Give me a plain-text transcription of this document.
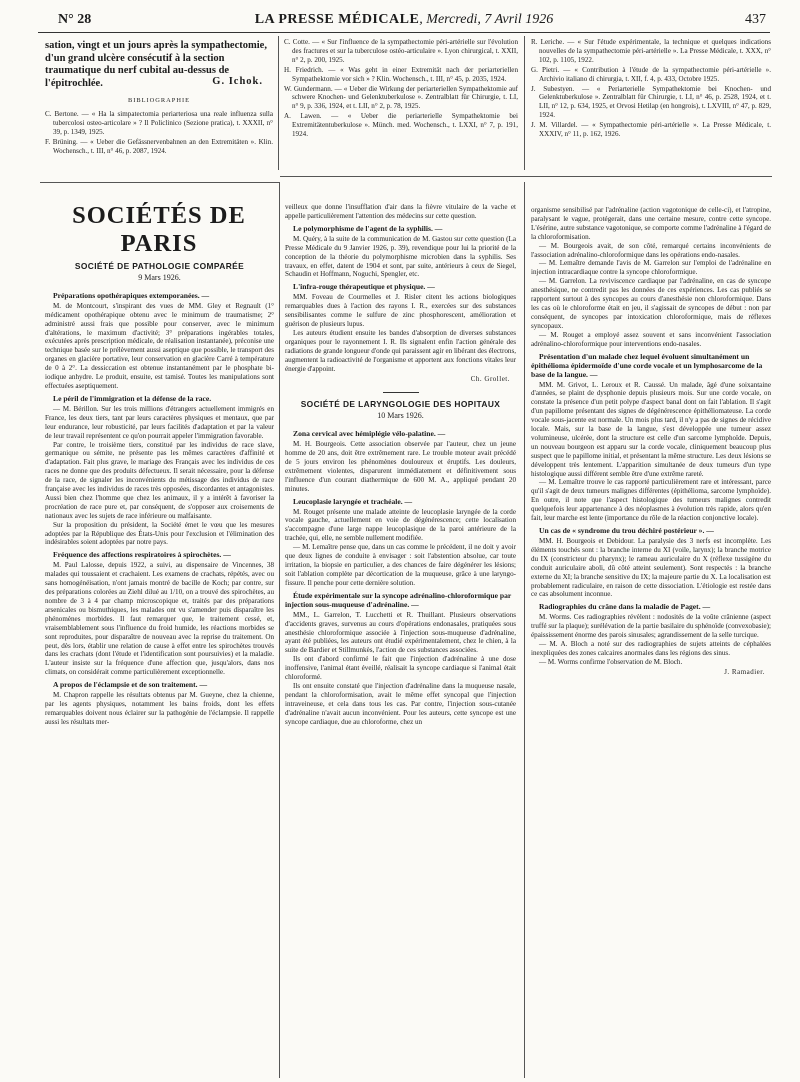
N° 28	LA PRESSE MÉDICALE, Mercredi, 7 Avril 1926	437

sation, vingt et un jours après la sympathectomie, d'un grand ulcère consécutif à la section traumatique du nerf cubital au-dessus de l'épitrochlée.	G. Ichok.
BIBLIOGRAPHIE

C. Bertone. — « Ha la simpatectomia periarteriosa una reale influenza sulla tubercolosi osteo-articolare » ? Il Policlinico (Sezione pratica), t. XXXII, n° 39, p. 1349, 1925.

F. Brüning. — « Ueber die Gefässnervenbahnen an den Extremitäten ». Klin. Wochensch., t. III, n° 46, p. 2087, 1924.

C. Cotte. — « Sur l'influence de la sympathectomie péri-artérielle sur l'évolution des fractures et sur la tuberculose ostéo-articulaire ». Lyon chirurgical, t. XXII, n° 2, p. 200, 1925.

H. Friedrich. — « Was geht in einer Extremität nach der periarteriellen Sympathektomie vor sich » ? Klin. Wochensch., t. III, n° 45, p. 2035, 1924.

W. Gundermann. — « Ueber die Wirkung der periarteriellen Sympathektomie auf schwere Knochen- und Gelenktuberkulose ». Zentralblatt für Chirurgie, t. LI, n° 9, p. 336, 1924, et t. LII, n° 2, p. 78, 1925.

A. Lawen. — « Ueber die periarterielle Sympathektomie bei Extremitätentuberkulose ». Münch. med. Wochensch., t. LXXI, n° 7, p. 191, 1924.

R. Leriche. — « Sur l'étude expérimentale, la technique et quelques indications nouvelles de la sympathectomie péri-artérielle ». La Presse Médicale, t. XXX, n° 102, p. 1105, 1922.

G. Pietri. — « Contribution à l'étude de la sympathectomie péri-artérielle ». Archivio italiano di chirurgia, t. XII, f. 4, p. 433, Octobre 1925.

J. Subestyen. — « Periarterielle Sympathektomie bei Knochen- und Gelenktuberkulose ». Zentralblatt für Chirurgie, t. LI, n° 46, p. 2528, 1924, et t. LII, n° 12, p. 634, 1925, et Orvosi Hetilap (en hongrois), t. LXVIII, n° 47, p. 829, 1924.

J. M. Villardel. — « Sympathectomie péri-artérielle ». La Presse Médicale, t. XXXIV, n° 11, p. 162, 1926.

SOCIÉTÉS DE PARIS
SOCIÉTÉ DE PATHOLOGIE COMPARÉE
9 Mars 1926.
Préparations opothérapiques extemporanées. —

M. de Montcourt, s'inspirant des vues de MM. Gley et Regnault (1° médicament opothérapique obtenu avec le minimum de traumatisme; 2° administré aussi frais que possible pour conserver, avec le minimum d'altérations, le maximum d'activité; 3° préparations ingérables totales, exécutées après prescription médicale, de réalisation instantanée), préconise une technique basée sur le prélèvement aussi aseptique que possible, le transport des organes en glacière portative, leur conservation en glacière Carré à température de 0 à 2°. La dessiccation est obtenue instantanément par le phosphate bi-iodique anhydre. Le produit, ensuite, est tamisé. Toutes les manipulations sont effectuées aseptiquement.

Le péril de l'immigration et la défense de la race.

— M. Bérillon. Sur les trois millions d'étrangers actuellement immigrés en France, les deux tiers, tant par leurs caractères physiques et mentaux, que par leur endurance, leur robusticité, par leurs facilités d'adaptation et par la valeur de leur travail représentent ce qu'on pourrait appeler l'immigration favorable.

Par contre, le troisième tiers, constitué par les individus de race slave, germanique ou sémite, ne présente pas les mêmes caractères d'affinité et d'adaptation. Fait plus grave, le mariage des Français avec les individus de ces races ne donne que des produits défectueux. Il serait nécessaire, pour la défense de la race, de signaler les inconvénients du métissage des individus de race française avec les individus de races très opposées, discordantes et antagonistes. Aussi bien chez l'homme que chez les animaux, il y a intérêt à favoriser la procréation de race pure et, par conséquent, de s'opposer aux croisements de nationaux avec les sujets de race inférieure ou malfaisante.

Sur la proposition du président, la Société émet le vœu que les mesures adoptées par la République des États-Unis pour l'exclusion et l'élimination des indésirables soient adoptées par notre pays.

Fréquence des affections respiratoires à spirochètes. —

M. Paul Lalosse, depuis 1922, a suivi, au dispensaire de Vincennes, 38 malades qui toussaient et crachaient. Les examens de crachats, répétés, avec ou sans homogénéisation, n'ont jamais montré de bacille de Koch; par contre, sur des préparations colorées au Ziehl dilué au 1/10, on a trouvé des spirochètes, au nombre de 3 à 4 par champ microscopique et, traités par des préparations arsenicales ou bismuthiques, les malades ont vu s'amender puis disparaître les phénomènes morbides. Il faut remarquer que, le traitement cessé, et, vraisemblablement sous l'influence du froid humide, les réactions morbides se sont reproduites, pour disparaître de nouveau avec la reprise du traitement. On peut, dès lors, établir une relation de cause à effet entre les spirochètes trouvés dans les crachats (dont l'étude et l'identification sont poursuivies) et la maladie. L'auteur insiste sur la fréquence d'une affection que, jusqu'alors, dans nos climats, on considérait comme particulièrement exceptionnelle.

A propos de l'éclampsie et de son traitement. —

M. Chapron rappelle les résultats obtenus par M. Gueyne, chez la chienne, par les agents physiques, notamment les bains froids, dont les effets remarquables doivent nous éclairer sur la pathogénie de l'éclampsie. Il rappelle aussi les résultats mer-

veilleux que donne l'insufflation d'air dans la fièvre vitulaire de la vache et appelle particulièrement l'attention des médecins sur cette question.

Le polymorphisme de l'agent de la syphilis. —

M. Quéry, à la suite de la communication de M. Gastou sur cette question (La Presse Médicale du 9 Janvier 1926, p. 39), revendique pour lui la priorité de la conception de la théorie du polymorphisme microbien dans la syphilis. Ses travaux, en effet, datent de 1904 et sont, par suite, antérieurs à ceux de Siegel, Schaudin et Hoffmann, Noguchi, Spengler, etc.

L'infra-rouge thérapeutique et physique. —

MM. Foveau de Courmelles et J. Risler citent les actions biologiques remarquables dues à l'action des rayons I. R., exercées sur des substances sensibilisantes comme le sulfure de zinc phosphorescent, amélioration et guérison de plusieurs lupus.

Les auteurs étudient ensuite les bandes d'absorption de diverses substances organiques pour le rayonnement I. R. Ils signalent enfin l'action générale des radiations de grande longueur d'onde qui paraissent agir en libérant des électrons, augmentent la radioactivité de l'organisme et apportent aux fonctions vitales leur énergie d'appoint.

Ch. Grollet.
SOCIÉTÉ DE LARYNGOLOGIE DES HOPITAUX
10 Mars 1926.
Zona cervical avec hémiplégie vélo-palatine. —

M. H. Bourgeois. Cette association observée par l'auteur, chez un jeune homme de 20 ans, doit être extrêmement rare. Le trouble moteur avait précédé de 5 jours environ les phénomènes douloureux et éruptifs. Les douleurs, extrêmement violentes, disparurent immédiatement et définitivement sous l'influence d'un courant diathermique de 600 M. A., appliqué pendant 20 minutes.

Leucoplasie laryngée et trachéale. —

M. Rouget présente une malade atteinte de leucoplasie laryngée de la corde vocale gauche, actuellement en voie de dégénérescence; cette localisation s'accompagne d'une large nappe leucoplasique de la paroi antérieure de la trachée, qui, elle, ne semble nullement modifiée.

— M. Lemaître pense que, dans un cas comme le précédent, il ne doit y avoir que deux lignes de conduite à envisager : soit l'abstention absolue, car toute irritation, la biopsie en particulier, a des chances de faire dégénérer les lésions; soit l'ablation complète par décortication de la muqueuse, grâce à une laryngo-fissure. Il penche pour cette dernière solution.

Étude expérimentale sur la syncope adrénalino-chloroformique par injection sous-muqueuse d'adrénaline. —

MM., L. Garrelon, T. Lucchetti et R. Thuillant. Plusieurs observations d'accidents graves, survenus au cours d'opérations endonasales, pratiquées sous anesthésie chloroformique associée à l'injection sous-muqueuse d'adrénaline, ayant été publiées, les auteurs ont étudié expérimentalement, chez le chien, à la suite de Bardier et Stillmunkès, l'action de ces substances associées.

Ils ont d'abord confirmé le fait que l'injection d'adrénaline à une dose inoffensive, l'animal étant éveillé, réalisait la syncope cardiaque si l'animal était chloroformé.

Ils ont ensuite constaté que l'injection d'adrénaline dans la muqueuse nasale, pendant la chloroformisation, avait le même effet syncopal que l'injection intraveineuse, et cela dans tous les cas. Par contre, l'injection sous-cutanée d'adrénaline n'avait aucun inconvénient. Pour les auteurs, cette syncope est une syncope cardiaque, due au chloroforme, chez un

organisme sensibilisé par l'adrénaline (action vagotonique de celle-ci), et l'atropine, paralysant le vague, protégerait, dans une certaine mesure, contre cette syncope. L'ésérine, autre substance vagotonique, se comporte comme l'adrénaline à l'égard de la chloroformisation.

— M. Bourgeois avait, de son côté, remarqué certains inconvénients de l'association adrénalino-chloroformique dans les opérations endo-nasales.

— M. Lemaître demande l'avis de M. Garrelon sur l'emploi de l'adrénaline en injection intracardiaque contre la syncope chloroformique.

— M. Garrelon. La reviviscence cardiaque par l'adrénaline, en cas de syncope anesthésique, ne contredit pas les données de ces expériences. Les cas publiés se rapportent surtout à des syncopes au cours d'anesthésie non chloroformique. Dans les cas où le chloroforme était en jeu, il s'agissait de syncopes de début : non par conséquent, de syncopes par intoxication chloroformique, mais de réflexes syncopaux.

— M. Rouget a employé assez souvent et sans inconvénient l'association adrénalino-chloroformique pour interventions endo-nasales.

Présentation d'un malade chez lequel évoluent simultanément un épithélioma épidermoïde d'une corde vocale et un lymphosarcome de la base de la langue. —

MM. M. Grivot, L. Leroux et R. Caussé. Un malade, âgé d'une soixantaine d'années, se plaint de dysphonie depuis plusieurs mois. Sur une corde vocale, on constate la présence d'un petit polype d'aspect banal dont on fait l'ablation. Il s'agit d'un papillome présentant des signes de dégénérescence épithéliomateuse. La corde vocale sous-jacente est normale. Un mois plus tard, il n'y a pas de signes de récidive locale. Mais, sur la base de la langue, s'est développée une tumeur assez volumineuse, ulcérée, dont la structure est celle d'un sarcome lymphoïde. Depuis, un nouveau bourgeon est apparu sur la corde vocale, cliniquement beaucoup plus suspect que le papillome initial, et présentant la même structure. Les deux lésions se développent très lentement. L'apparition simultanée de deux tumeurs d'un type histologique aussi différent semble être d'une extrême rareté.

— M. Lemaître trouve le cas rapporté particulièrement rare et intéressant, parce qu'il s'agit de deux tumeurs malignes différentes (épithélioma, sarcome lymphoïde). En outre, il note que l'aspect histologique des tumeurs malignes contredit quelquefois leur appartenance à des néoplasmes à évolution très rapide, alors qu'en fait, leur marche est lente (importance du rôle de la réaction conjonctive locale).

Un cas de « syndrome du trou déchiré postérieur ». —

MM. H. Bourgeois et Debidour. La paralysie des 3 nerfs est incomplète. Les éléments touchés sont : la branche interne du XI (voile, larynx); la branche motrice du IX (constricteur du pharynx); le rameau auriculaire du X (réflexe tussigène du conduit auriculaire aboli, dû côté atteint seulement). Sont respectés : la branche externe du XI; la branche sensitive du IX; la majeure partie du X. La localisation est probablement radiculaire, en raison de cette dissociation. L'étiologie est restée dans ce cas absolument inconnue.

Radiographies du crâne dans la maladie de Paget. —

M. Worms. Ces radiographies révèlent : nodosités de la voûte crânienne (aspect truffé sur la plaque); surélévation de la partie basilaire du sphénoïde (convexobasie); épaississement énorme des parois sinusales; agrandissement de la selle turcique.

— M. A. Bloch a noté sur des radiographies de sujets atteints de céphalées inexpliquées des zones calcaires anormales dans les régions des sinus.

— M. Worms confirme l'observation de M. Bloch.

J. Ramadier.
